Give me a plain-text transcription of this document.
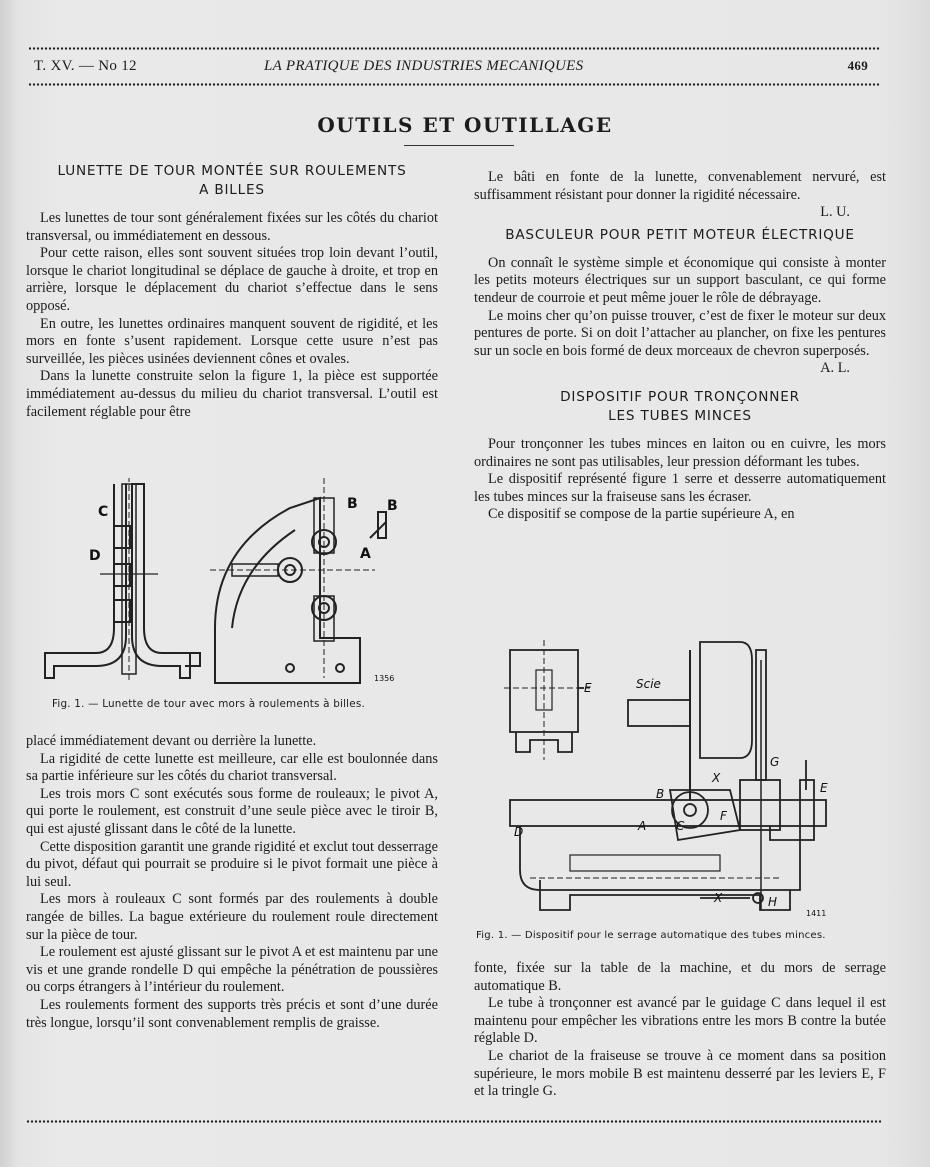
T. XV. — No 12	LA PRATIQUE DES INDUSTRIES MECANIQUES	469
OUTILS ET OUTILLAGE
LUNETTE DE TOUR MONTÉE SUR ROULEMENTS
A BILLES

Les lunettes de tour sont généralement fixées sur les côtés du chariot transversal, ou immédiatement en dessous.

Pour cette raison, elles sont souvent situées trop loin devant l’outil, lorsque le chariot longitudinal se déplace de gauche à droite, et trop en arrière, lorsque le déplacement du chariot s’effectue dans le sens opposé.

En outre, les lunettes ordinaires manquent souvent de rigidité, et les mors en fonte s’usent rapidement. Lorsque cette usure n’est pas surveillée, les pièces usinées deviennent cônes et ovales.

Dans la lunette construite selon la figure 1, la pièce est supportée immédiatement au-dessus du milieu du chariot transversal. L’outil est facilement réglable pour être

C
D
B B
A
1356
Fig. 1. — Lunette de tour avec mors à roulements à billes.

placé immédiatement devant ou derrière la lunette.

La rigidité de cette lunette est meilleure, car elle est boulonnée dans sa partie inférieure sur les côtés du chariot transversal.

Les trois mors C sont exécutés sous forme de rouleaux; le pivot A, qui porte le roulement, est construit d’une seule pièce avec le tiroir B, qui est ajusté glissant dans le côté de la lunette.

Cette disposition garantit une grande rigidité et exclut tout desserrage du pivot, défaut qui pourrait se produire si le pivot formait une pièce à lui seul.

Les mors à rouleaux C sont formés par des roulements à double rangée de billes. La bague extérieure du roulement roule directement sur la pièce de tour.

Le roulement est ajusté glissant sur le pivot A et est maintenu par une vis et une grande rondelle D qui empêche la pénétration de poussières ou corps étrangers à l’intérieur du roulement.

Les roulements forment des supports très précis et sont d’une durée très longue, lorsqu’il sont convenablement remplis de graisse.

Le bâti en fonte de la lunette, convenablement nervuré, est suffisamment résistant pour donner la rigidité nécessaire.

L. U.

BASCULEUR POUR PETIT MOTEUR ÉLECTRIQUE

On connaît le système simple et économique qui consiste à monter les petits moteurs électriques sur un support basculant, ce qui forme tendeur de courroie et peut même jouer le rôle de débrayage.

Le moins cher qu’on puisse trouver, c’est de fixer le moteur sur deux pentures de porte. Si on doit l’attacher au plancher, on fixe les pentures sur un socle en bois formé de deux morceaux de chevron superposés.

A. L.

DISPOSITIF POUR TRONÇONNER
LES TUBES MINCES

Pour tronçonner les tubes minces en laiton ou en cuivre, les mors ordinaires ne sont pas utilisables, leur pression déformant les tubes.

Le dispositif représenté figure 1 serre et desserre automatiquement les tubes minces sur la fraiseuse sans les écraser.

Ce dispositif se compose de la partie supérieure A, en

Scie
E
G
X
B	E
D	A C
F
X	H
1411
Fig. 1. — Dispositif pour le serrage automatique des tubes minces.

fonte, fixée sur la table de la machine, et du mors de serrage automatique B.

Le tube à tronçonner est avancé par le guidage C dans lequel il est maintenu pour empêcher les vibrations entre les mors B contre la butée réglable D.

Le chariot de la fraiseuse se trouve à ce moment dans sa position supérieure, le mors mobile B est maintenu desserré par les leviers E, F et la tringle G.
